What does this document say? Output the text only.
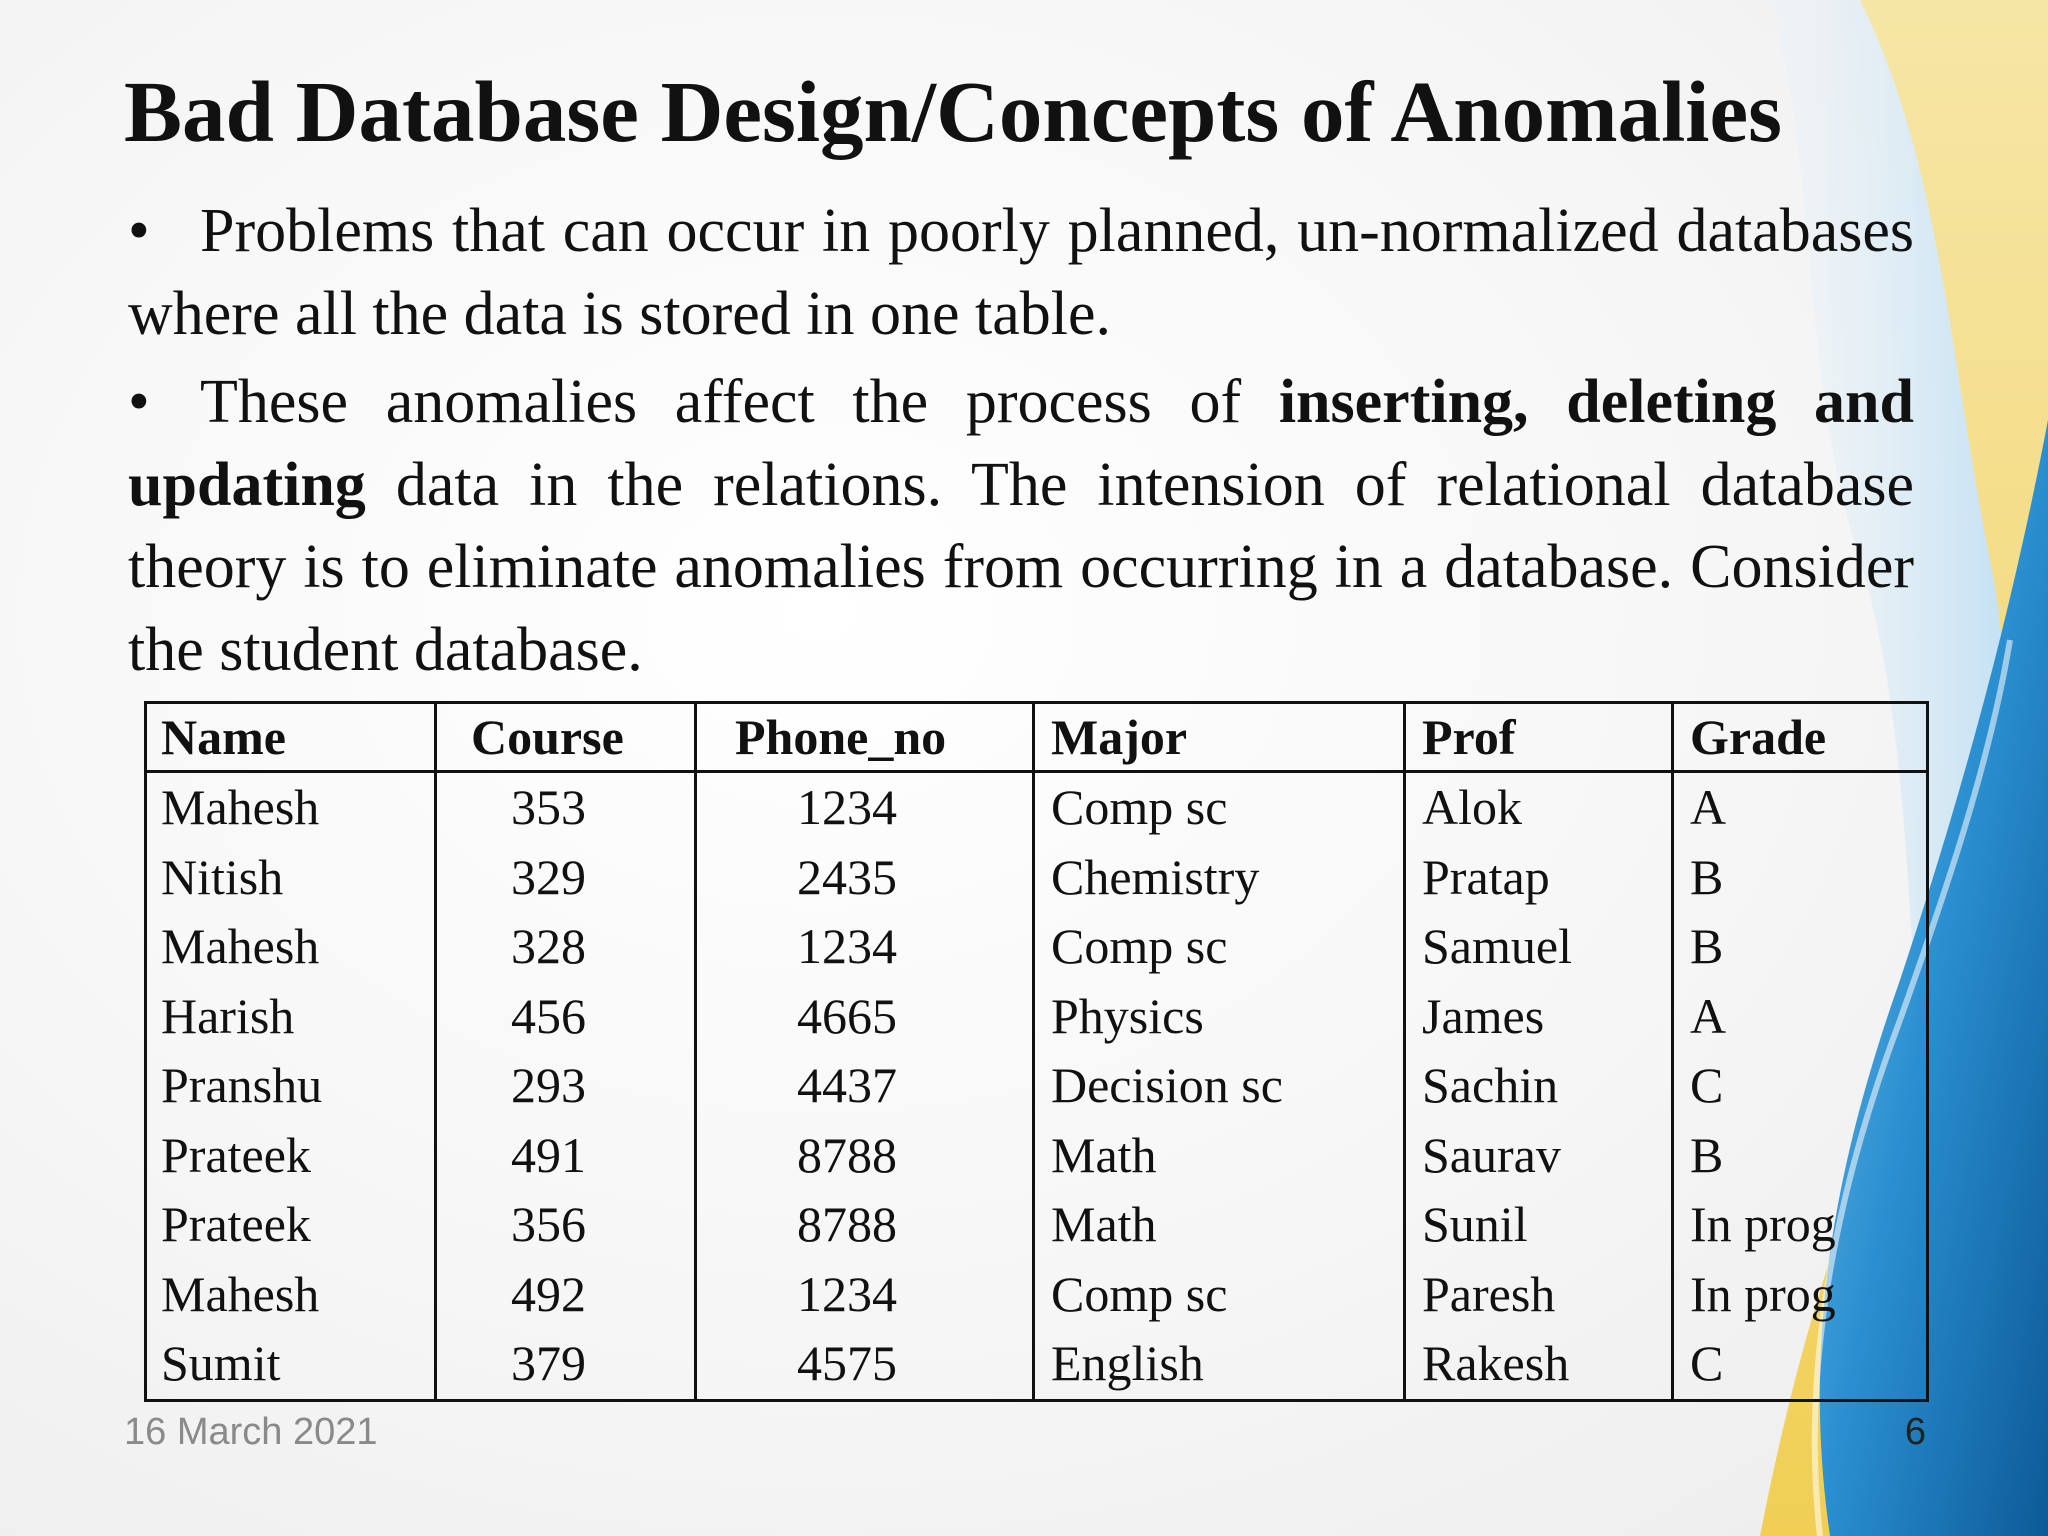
Bad Database Design/Concepts of Anomalies

• Problems that can occur in poorly planned, un-normalized databases where all the data is stored in one table.

• These anomalies affect the process of inserting, deleting and updating data in the relations. The intension of relational database theory is to eliminate anomalies from occurring in a database. Consider the student database.

Name	Course	Phone_no	Major	Prof	Grade
Mahesh	353	1234	Comp sc	Alok	A
Nitish	329	2435	Chemistry	Pratap	B
Mahesh	328	1234	Comp sc	Samuel	B
Harish	456	4665	Physics	James	A
Pranshu	293	4437	Decision sc	Sachin	C
Prateek	491	8788	Math	Saurav	B
Prateek	356	8788	Math	Sunil	In prog
Mahesh	492	1234	Comp sc	Paresh	In prog
Sumit	379	4575	English	Rakesh	C
16 March 2021	6
